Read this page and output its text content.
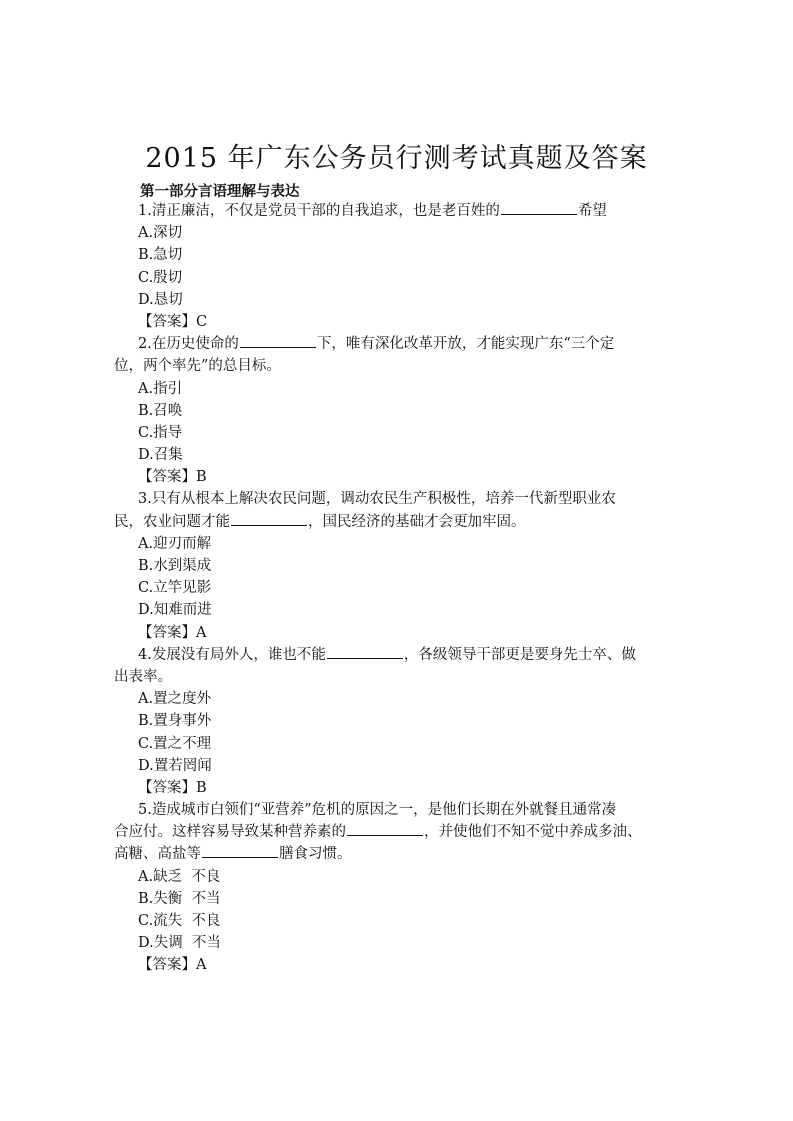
2015 年广东公务员行测考试真题及答案
第一部分言语理解与表达
1.清正廉洁，不仅是党员干部的自我追求，也是老百姓的	希望
A.深切
B.急切
C.殷切
D.恳切
【答案】C
2.在历史使命的	下，唯有深化改革开放，才能实现广东“三个定
位，两个率先”的总目标。
A.指引
B.召唤
C.指导
D.召集
【答案】B
3.只有从根本上解决农民问题，调动农民生产积极性，培养一代新型职业农
民，农业问题才能	，国民经济的基础才会更加牢固。
A.迎刃而解
B.水到渠成
C.立竿见影
D.知难而进
【答案】A
4.发展没有局外人，谁也不能	，各级领导干部更是要身先士卒、做
出表率。
A.置之度外
B.置身事外
C.置之不理
D.置若罔闻
【答案】B
5.造成城市白领们“亚营养”危机的原因之一，是他们长期在外就餐且通常凑
合应付。这样容易导致某种营养素的	，并使他们不知不觉中养成多油、
高糖、高盐等	膳食习惯。
A.缺乏  不良
B.失衡  不当
C.流失  不良
D.失调  不当
【答案】A
